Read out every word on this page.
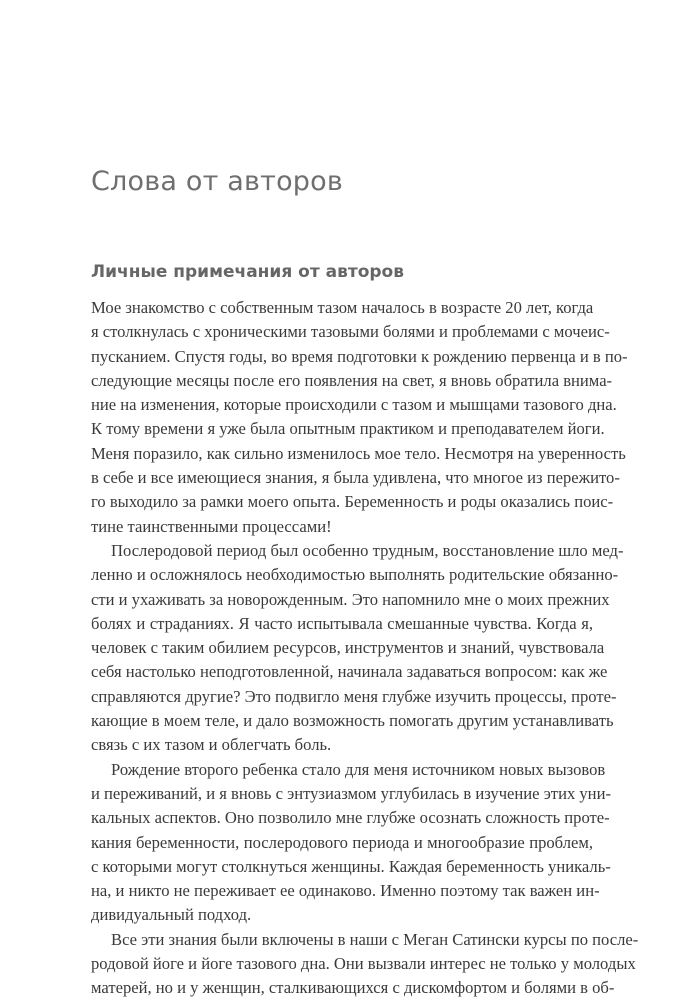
Слова от авторов
Личные примечания от авторов

Мое знакомство с собственным тазом началось в возрасте 20 лет, когда
я столкнулась с хроническими тазовыми болями и проблемами с мочеис-
пусканием. Спустя годы, во время подготовки к рождению первенца и в по-
следующие месяцы после его появления на свет, я вновь обратила внима-
ние на изменения, которые происходили с тазом и мышцами тазового дна.
К тому времени я уже была опытным практиком и преподавателем йоги.
Меня поразило, как сильно изменилось мое тело. Несмотря на уверенность
в себе и все имеющиеся знания, я была удивлена, что многое из пережито-
го выходило за рамки моего опыта. Беременность и роды оказались поис-
тине таинственными процессами!

Послеродовой период был особенно трудным, восстановление шло мед-
ленно и осложнялось необходимостью выполнять родительские обязанно-
сти и ухаживать за новорожденным. Это напомнило мне о моих прежних
болях и страданиях. Я часто испытывала смешанные чувства. Когда я,
человек с таким обилием ресурсов, инструментов и знаний, чувствовала
себя настолько неподготовленной, начинала задаваться вопросом: как же
справляются другие? Это подвигло меня глубже изучить процессы, проте-
кающие в моем теле, и дало возможность помогать другим устанавливать
связь с их тазом и облегчать боль.

Рождение второго ребенка стало для меня источником новых вызовов
и переживаний, и я вновь с энтузиазмом углубилась в изучение этих уни-
кальных аспектов. Оно позволило мне глубже осознать сложность проте-
кания беременности, послеродового периода и многообразие проблем,
с которыми могут столкнуться женщины. Каждая беременность уникаль-
на, и никто не переживает ее одинаково. Именно поэтому так важен ин-
дивидуальный подход.

Все эти знания были включены в наши с Меган Сатински курсы по после-
родовой йоге и йоге тазового дна. Они вызвали интерес не только у молодых
матерей, но и у женщин, сталкивающихся с дискомфортом и болями в об-
